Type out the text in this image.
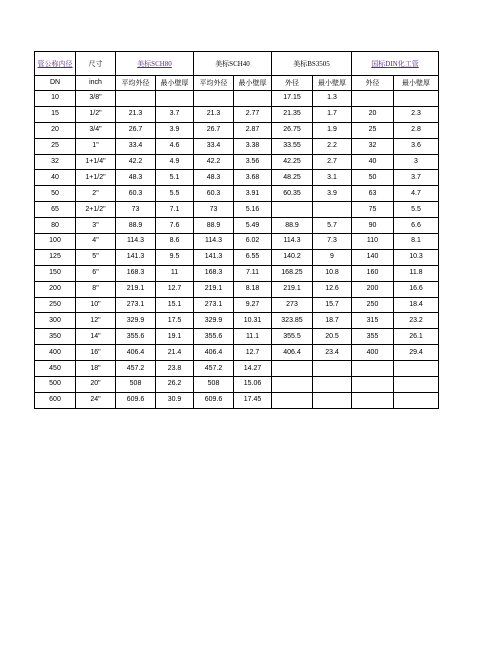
管公称内径	尺寸	美标SCH80		美标SCH40		美标BS3505		国标DIN化工管	
DN	inch	平均外径	最小壁厚	平均外径	最小壁厚	外径	最小壁厚	外径	最小壁厚
10	3/8"					17.15	1.3		
15	1/2"	21.3	3.7	21.3	2.77	21.35	1.7	20	2.3
20	3/4"	26.7	3.9	26.7	2.87	26.75	1.9	25	2.8
25	1"	33.4	4.6	33.4	3.38	33.55	2.2	32	3.6
32	1+1/4"	42.2	4.9	42.2	3.56	42.25	2.7	40	3
40	1+1/2"	48.3	5.1	48.3	3.68	48.25	3.1	50	3.7
50	2"	60.3	5.5	60.3	3.91	60.35	3.9	63	4.7
65	2+1/2"	73	7.1	73	5.16			75	5.5
80	3"	88.9	7.6	88.9	5.49	88.9	5.7	90	6.6
100	4"	114.3	8.6	114.3	6.02	114.3	7.3	110	8.1
125	5"	141.3	9.5	141.3	6.55	140.2	9	140	10.3
150	6"	168.3	11	168.3	7.11	168.25	10.8	160	11.8
200	8"	219.1	12.7	219.1	8.18	219.1	12.6	200	16.6
250	10"	273.1	15.1	273.1	9.27	273	15.7	250	18.4
300	12"	329.9	17.5	329.9	10.31	323.85	18.7	315	23.2
350	14"	355.6	19.1	355.6	11.1	355.5	20.5	355	26.1
400	16"	406.4	21.4	406.4	12.7	406.4	23.4	400	29.4
450	18"	457.2	23.8	457.2	14.27				
500	20"	508	26.2	508	15.06				
600	24"	609.6	30.9	609.6	17.45				
